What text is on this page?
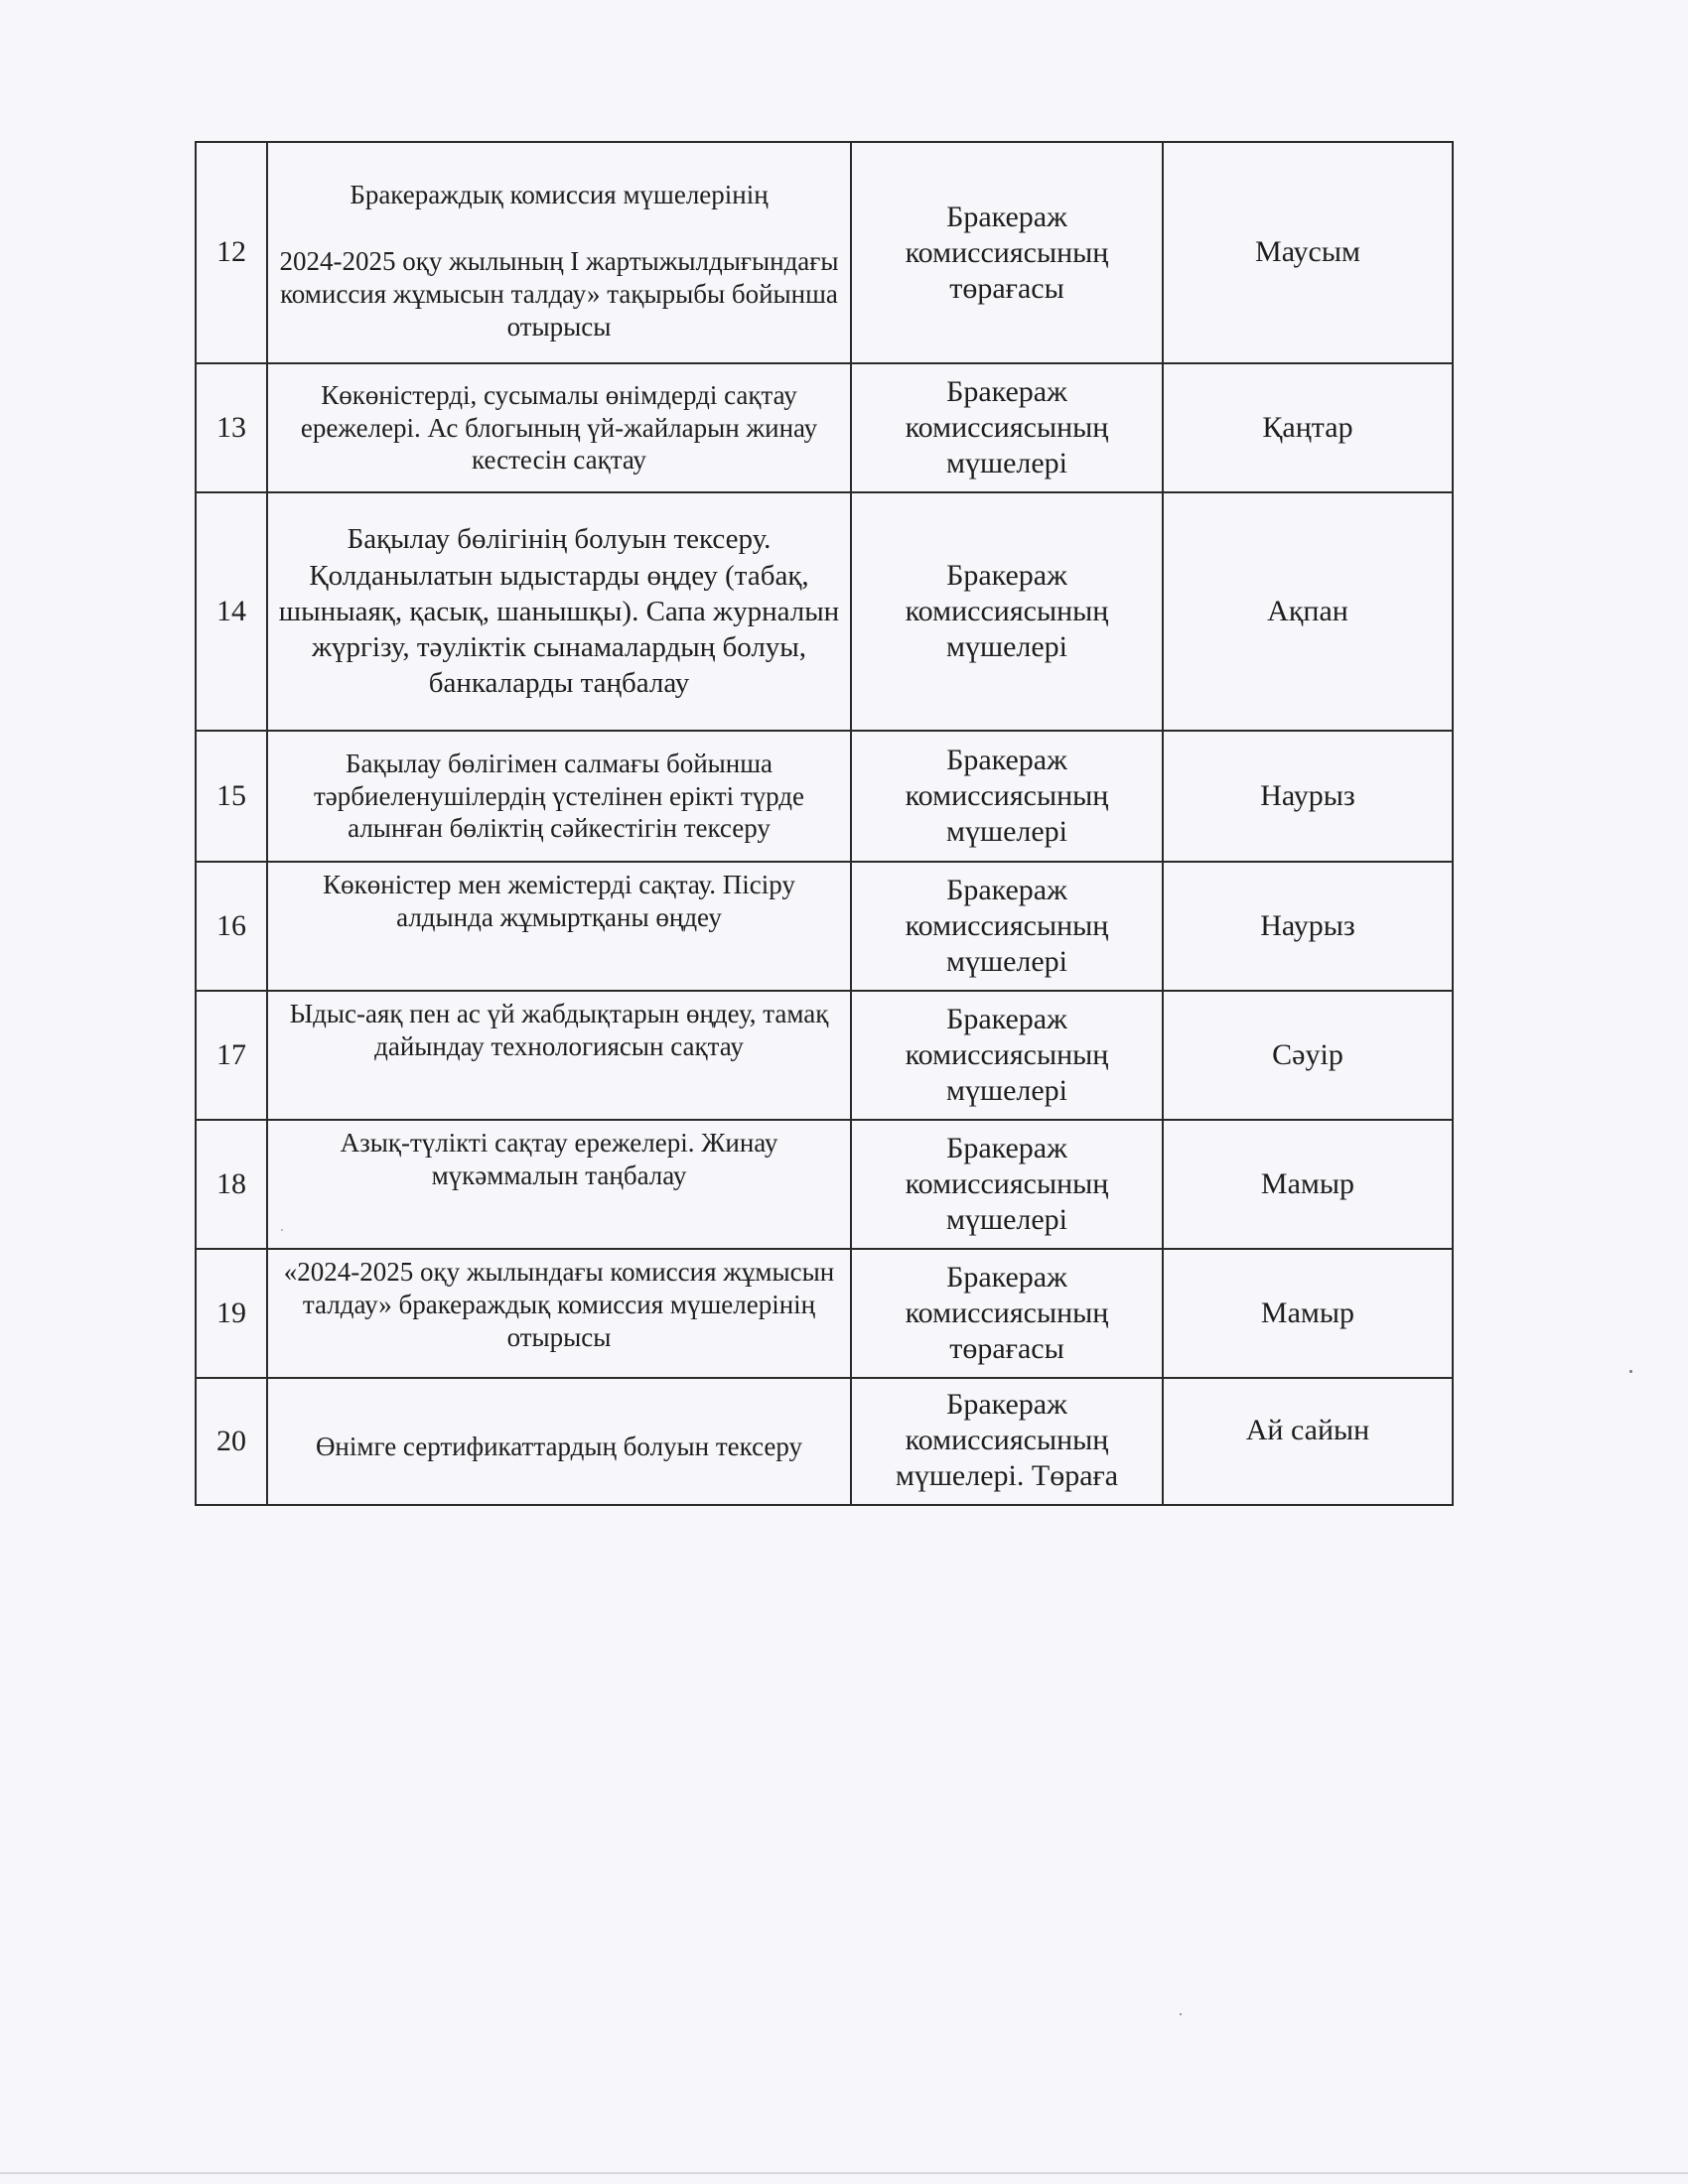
12	Бракераждық комиссия мүшелерінің
2024-2025 оқу жылының І жартыжылдығындағы комиссия жұмысын талдау» тақырыбы бойынша отырысы	Бракераж комиссиясының төрағасы	Маусым
13	Көкөністерді, сусымалы өнімдерді сақтау ережелері. Ас блогының үй-жайларын жинау кестесін сақтау	Бракераж комиссиясының мүшелері	Қаңтар
14	Бақылау бөлігінің болуын тексеру. Қолданылатын ыдыстарды өңдеу (табақ, шыныаяқ, қасық, шанышқы). Сапа журналын жүргізу, тәуліктік сынамалардың болуы, банкаларды таңбалау	Бракераж комиссиясының мүшелері	Ақпан
15	Бақылау бөлігімен салмағы бойынша тәрбиеленушілердің үстелінен ерікті түрде алынған бөліктің сәйкестігін тексеру	Бракераж комиссиясының мүшелері	Наурыз
16	Көкөністер мен жемістерді сақтау. Пісіру алдында жұмыртқаны өңдеу	Бракераж комиссиясының мүшелері	Наурыз
17	Ыдыс-аяқ пен ас үй жабдықтарын өңдеу, тамақ дайындау технологиясын сақтау	Бракераж комиссиясының мүшелері	Сәуір
18	Азық-түлікті сақтау ережелері. Жинау мүкәммалын таңбалау	Бракераж комиссиясының мүшелері	Мамыр
19	«2024-2025 оқу жылындағы комиссия жұмысын талдау» бракераждық комиссия мүшелерінің отырысы	Бракераж комиссиясының төрағасы	Мамыр
20	Өнімге сертификаттардың болуын тексеру	Бракераж комиссиясының мүшелері. Төраға	Ай сайын
